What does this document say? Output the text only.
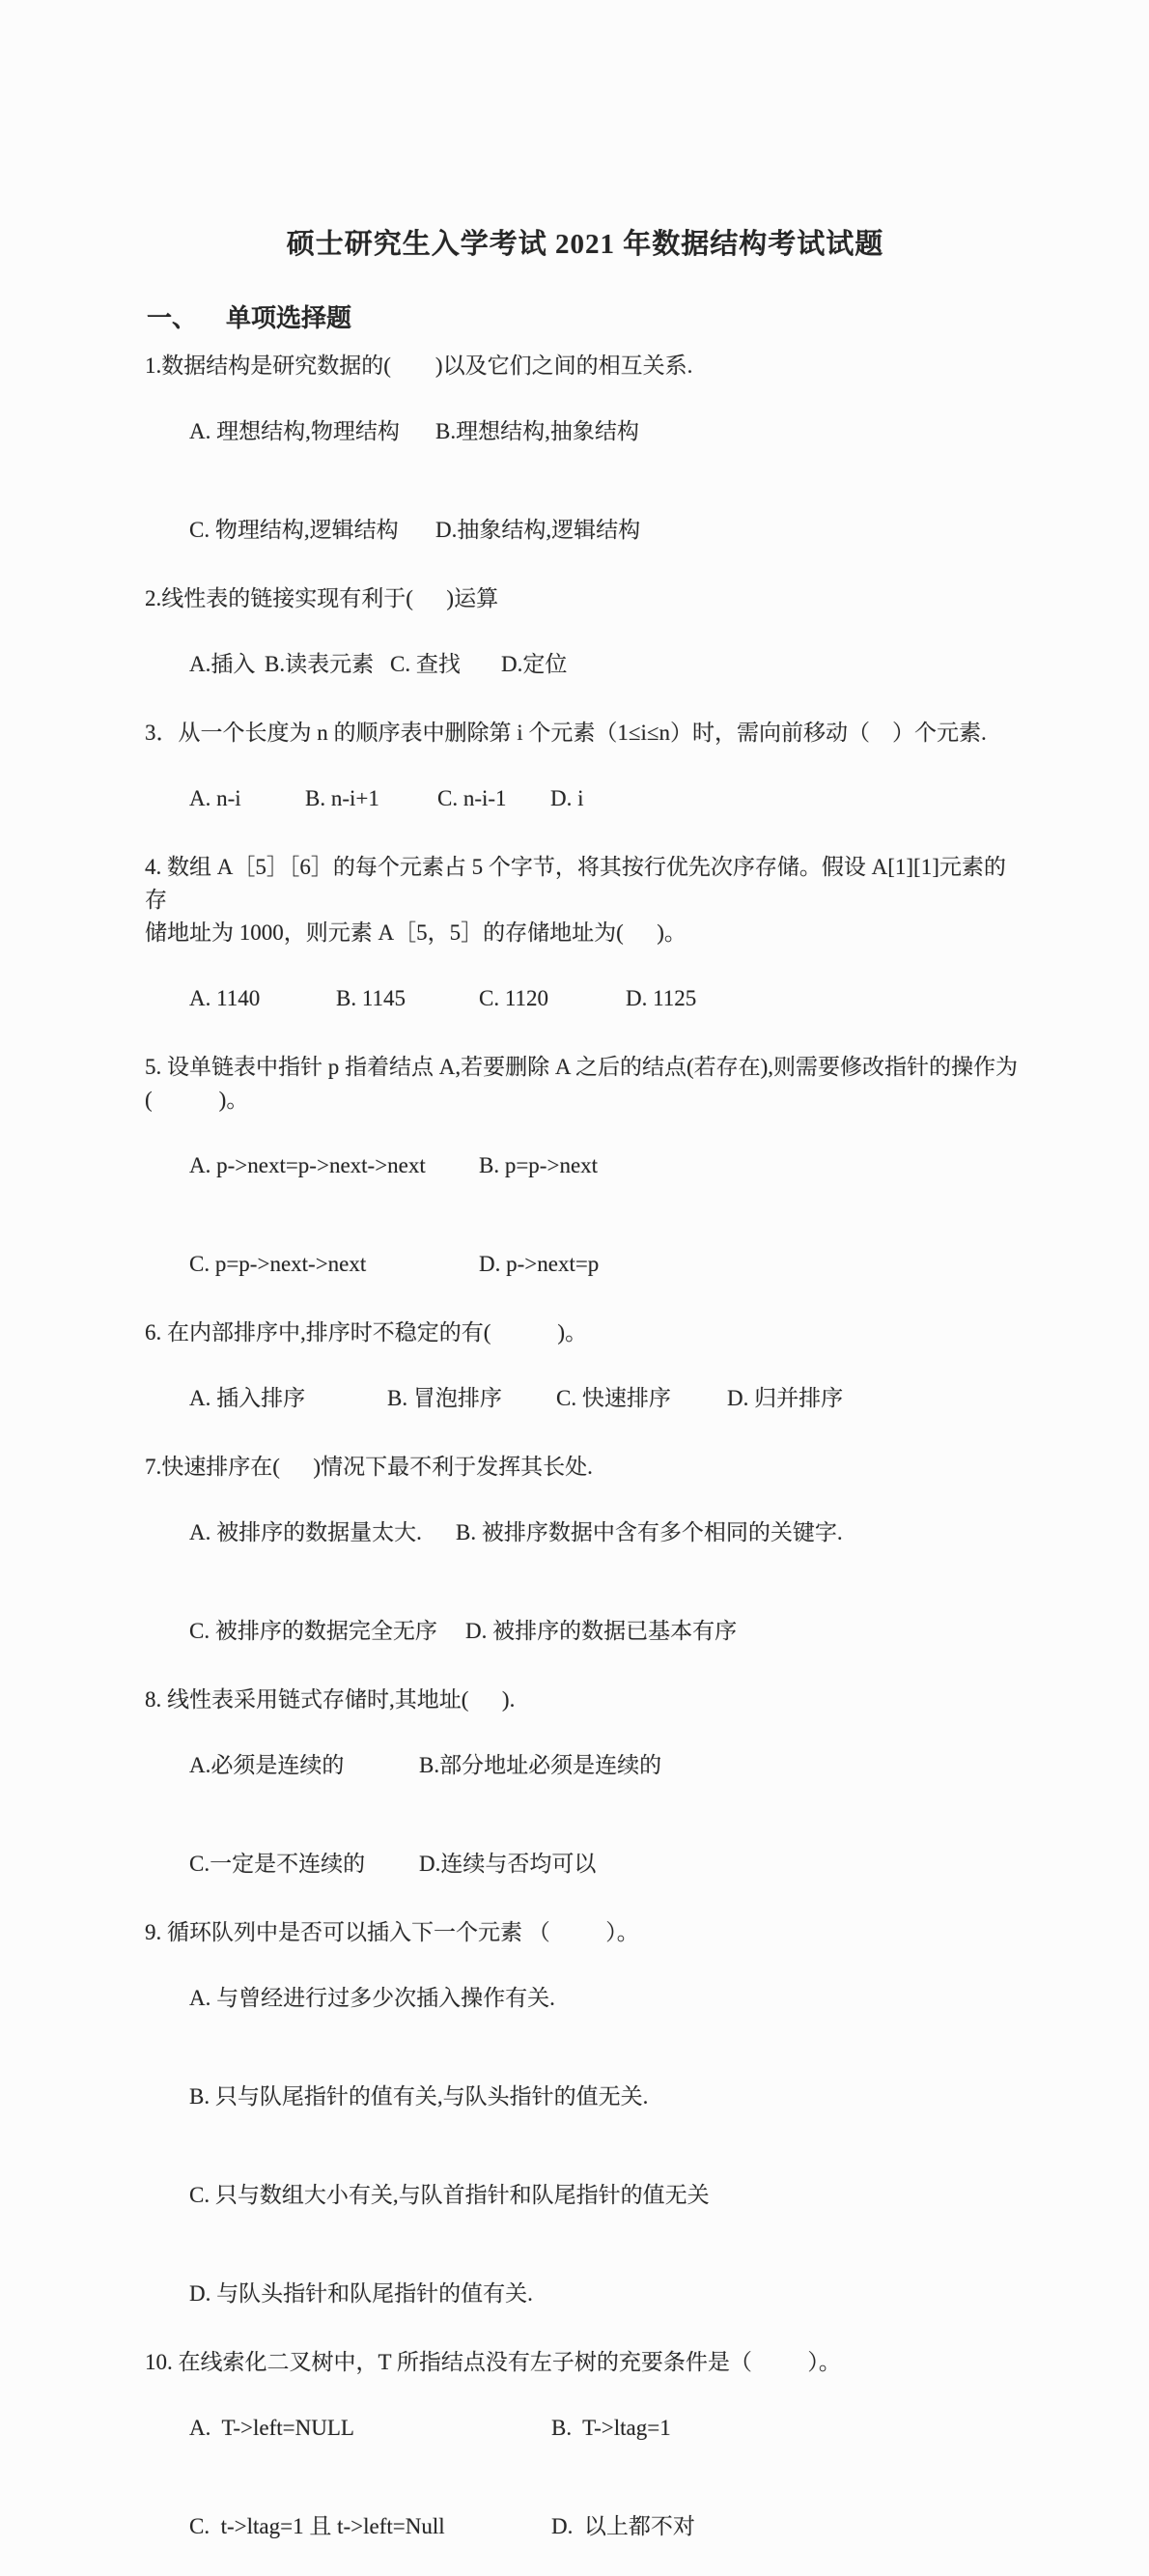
硕士研究生入学考试 2021 年数据结构考试试题
一、 单项选择题

1.数据结构是研究数据的(        )以及它们之间的相互关系.

A. 理想结构,物理结构 B.理想结构,抽象结构

C. 物理结构,逻辑结构 D.抽象结构,逻辑结构

2.线性表的链接实现有利于(      )运算

A.插入 B.读表元素 C. 查找 D.定位

3．从一个长度为 n 的顺序表中删除第 i 个元素（1≤i≤n）时，需向前移动（    ）个元素.

A. n-i	B. n-i+1	C. n-i-1 D. i

4. 数组 A［5］［6］的每个元素占 5 个字节，将其按行优先次序存储。假设 A[1][1]元素的存

储地址为 1000，则元素 A［5，5］的存储地址为(      )。

A. 1140	B. 1145	C. 1120	D. 1125

5. 设单链表中指针 p 指着结点 A,若要删除 A 之后的结点(若存在),则需要修改指针的操作为

(            )。

A. p->next=p->next->next B. p=p->next

C. p=p->next->next	D. p->next=p

6. 在内部排序中,排序时不稳定的有(            )。

A. 插入排序	B. 冒泡排序 C. 快速排序	D. 归并排序

7.快速排序在(      )情况下最不利于发挥其长处.

A. 被排序的数据量太大. B. 被排序数据中含有多个相同的关键字.

C. 被排序的数据完全无序 D. 被排序的数据已基本有序

8. 线性表采用链式存储时,其地址(      ).

A.必须是连续的	B.部分地址必须是连续的

C.一定是不连续的 D.连续与否均可以

9. 循环队列中是否可以插入下一个元素 （          ）。

A. 与曾经进行过多少次插入操作有关.

B. 只与队尾指针的值有关,与队头指针的值无关.

C. 只与数组大小有关,与队首指针和队尾指针的值无关

D. 与队头指针和队尾指针的值有关.

10. 在线索化二叉树中，T 所指结点没有左子树的充要条件是（          ）。

A.  T->left=NULL	B.  T->ltag=1

C.  t->ltag=1 且 t->left=Null	D.  以上都不对
